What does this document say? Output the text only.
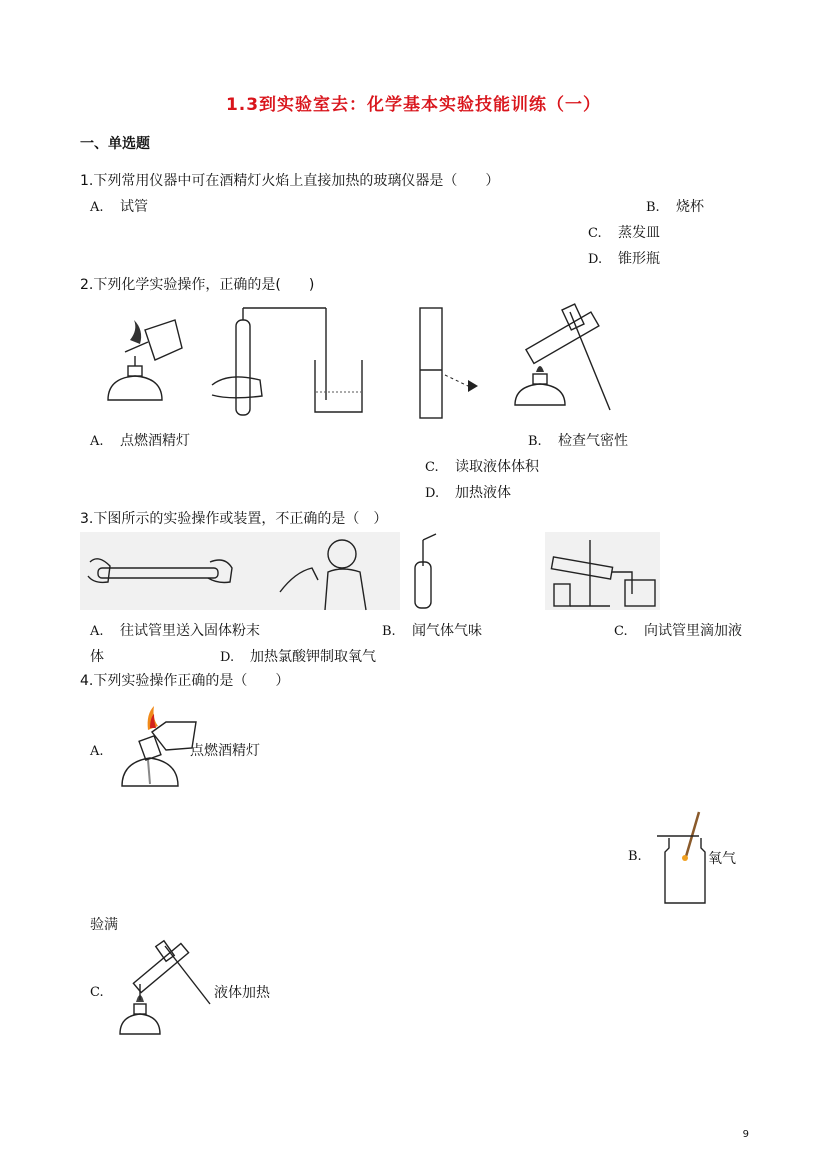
1.3到实验室去：化学基本实验技能训练（一）
一、单选题
1.下列常用仪器中可在酒精灯火焰上直接加热的玻璃仪器是（　　）
A. 试管	B. 烧杯
C. 蒸发皿
D. 锥形瓶
2.下列化学实验操作，正确的是(　　)
A. 点燃酒精灯	B. 检查气密性
C. 读取液体体积
D. 加热液体
3.下图所示的实验操作或装置，不正确的是（　）
A. 往试管里送入固体粉末	B. 闻气体气味	C. 向试管里滴加液
体	D. 加热氯酸钾制取氧气
4.下列实验操作正确的是（　　）
A.	点燃酒精灯
B.	氧气
验满
C.	液体加热
9
